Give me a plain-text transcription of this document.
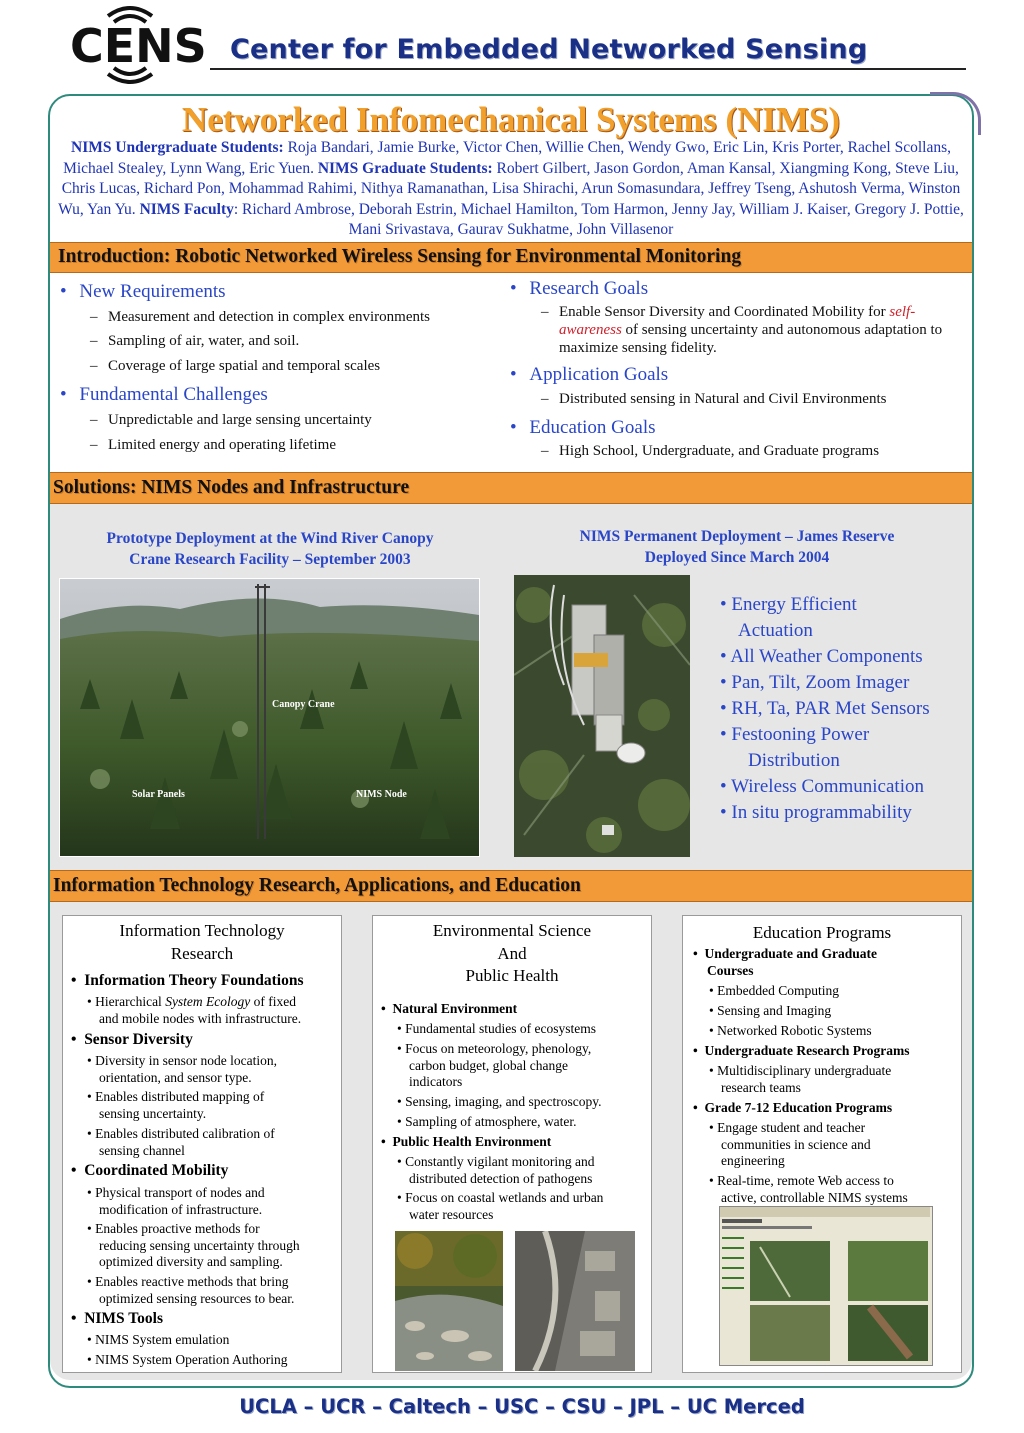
CENS Center for Embedded Networked Sensing
Networked Infomechanical Systems (NIMS)
NIMS Undergraduate Students: Roja Bandari, Jamie Burke, Victor Chen, Willie Chen, Wendy Gwo, Eric Lin, Kris Porter, Rachel Scollans, Michael Stealey, Lynn Wang, Eric Yuen. NIMS Graduate Students: Robert Gilbert, Jason Gordon, Aman Kansal, Xiangming Kong, Steve Liu, Chris Lucas, Richard Pon, Mohammad Rahimi, Nithya Ramanathan, Lisa Shirachi, Arun Somasundara, Jeffrey Tseng, Ashutosh Verma, Winston Wu, Yan Yu. NIMS Faculty: Richard Ambrose, Deborah Estrin, Michael Hamilton, Tom Harmon, Jenny Jay, William J. Kaiser, Gregory J. Pottie, Mani Srivastava, Gaurav Sukhatme, John Villasenor
Introduction: Robotic Networked Wireless Sensing for Environmental Monitoring
• New Requirements
– Measurement and detection in complex environments
– Sampling of air, water, and soil.
– Coverage of large spatial and temporal scales
• Fundamental Challenges
– Unpredictable and large sensing uncertainty
– Limited energy and operating lifetime
• Research Goals
– Enable Sensor Diversity and Coordinated Mobility for self-awareness of sensing uncertainty and autonomous adaptation to maximize sensing fidelity.
• Application Goals
– Distributed sensing in Natural and Civil Environments
• Education Goals
– High School, Undergraduate, and Graduate programs
Solutions: NIMS Nodes and Infrastructure
Prototype Deployment at the Wind River Canopy
Crane Research Facility – September 2003
Canopy Crane
Solar Panels	NIMS Node
NIMS Permanent Deployment – James Reserve
Deployed Since March 2004
• Energy Efficient
Actuation
• All Weather Components
• Pan, Tilt, Zoom Imager
• RH, Ta, PAR Met Sensors
• Festooning Power
Distribution
• Wireless Communication
• In situ programmability
Information Technology Research, Applications, and Education
Information Technology
Research
• Information Theory Foundations
• Hierarchical System Ecology of fixed
and mobile nodes with infrastructure.
• Sensor Diversity
• Diversity in sensor node location,
orientation, and sensor type.
• Enables distributed mapping of
sensing uncertainty.
• Enables distributed calibration of
sensing channel
• Coordinated Mobility
• Physical transport of nodes and
modification of infrastructure.
• Enables proactive methods for
reducing sensing uncertainty through
optimized diversity and sampling.
• Enables reactive methods that bring
optimized sensing resources to bear.
• NIMS Tools
• NIMS System emulation
• NIMS System Operation Authoring
Environmental Science
And
Public Health
• Natural Environment
• Fundamental studies of ecosystems
• Focus on meteorology, phenology,
carbon budget, global change
indicators
• Sensing, imaging, and spectroscopy.
• Sampling of atmosphere, water.
• Public Health Environment
• Constantly vigilant monitoring and
distributed detection of pathogens
• Focus on coastal wetlands and urban
water resources
Education Programs
• Undergraduate and Graduate
Courses
• Embedded Computing
• Sensing and Imaging
• Networked Robotic Systems
• Undergraduate Research Programs
• Multidisciplinary undergraduate
research teams
• Grade 7-12 Education Programs
• Engage student and teacher
communities in science and
engineering
• Real-time, remote Web access to
active, controllable NIMS systems
UCLA – UCR – Caltech – USC – CSU – JPL – UC Merced
